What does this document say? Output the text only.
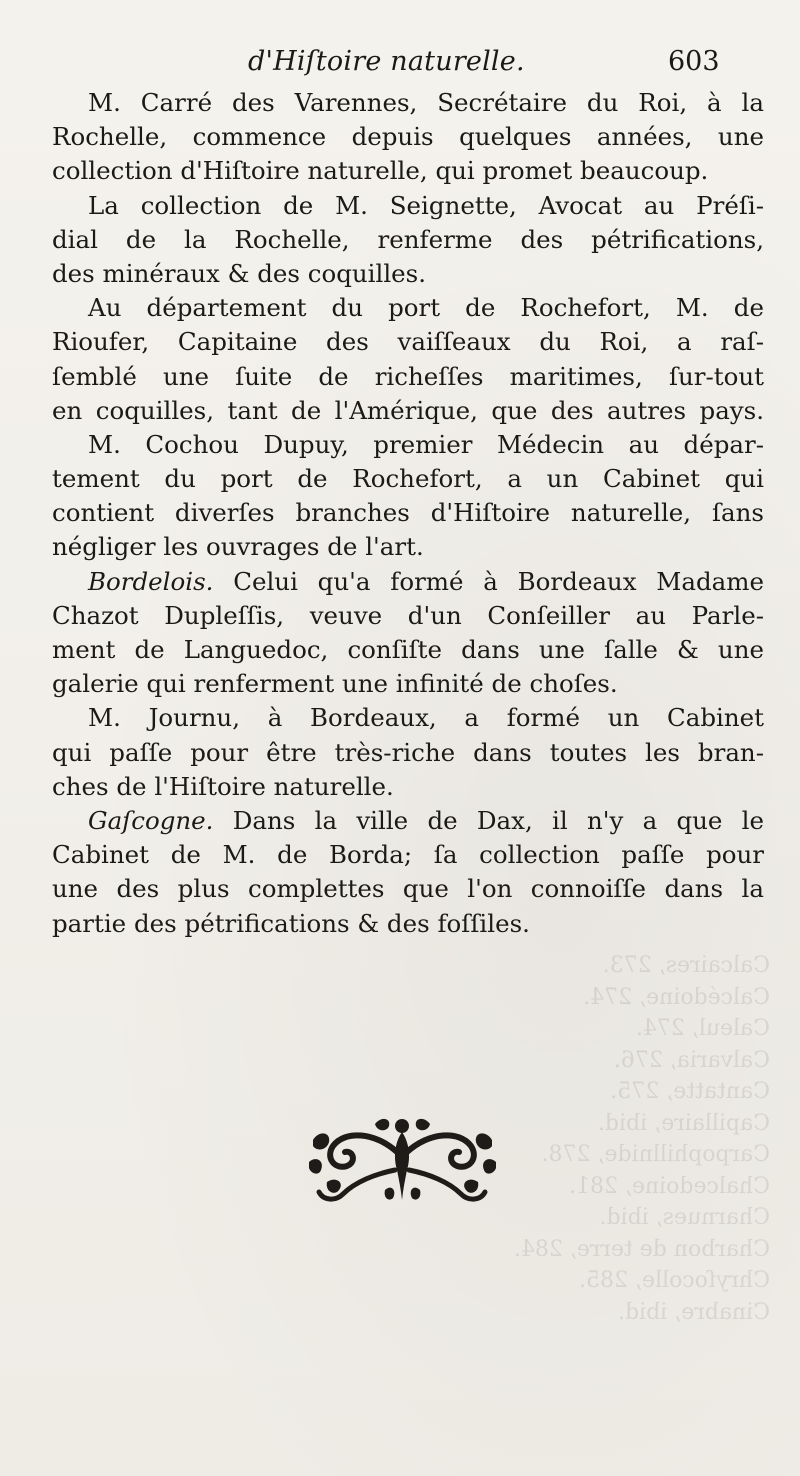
Calcaires, 273.
Calcédoine, 274.
Caleul, 274.
Calvaria, 276.
Cantatte, 275.
Capillaire, ibid.
Carpophillnide, 278.
Chalcedoine, 281.
Charnues, ibid.
Charbon de terre, 284.
Chryſocolle, 285.
Cinabre, ibid.
d'Hiſtoire naturelle.	603
M. Carré des Varennes, Secrétaire du Roi, à la
Rochelle, commence depuis quelques années, une
collection d'Hiſtoire naturelle, qui promet beaucoup.
La collection de M. Seignette, Avocat au Préſi-
dial de la Rochelle, renferme des pétrifications,
des minéraux & des coquilles.
Au département du port de Rochefort, M. de
Rioufer, Capitaine des vaiſſeaux du Roi, a raſ-
ſemblé une ſuite de richeſſes maritimes, ſur-tout
en coquilles, tant de l'Amérique, que des autres pays.
M. Cochou Dupuy, premier Médecin au dépar-
tement du port de Rochefort, a un Cabinet qui
contient diverſes branches d'Hiſtoire naturelle, ſans
négliger les ouvrages de l'art.
Bordelois. Celui qu'a formé à Bordeaux Madame
Chazot Dupleſſis, veuve d'un Conſeiller au Parle-
ment de Languedoc, conſiſte dans une ſalle & une
galerie qui renferment une infinité de choſes.
M. Journu, à Bordeaux, a formé un Cabinet
qui paſſe pour être très-riche dans toutes les bran-
ches de l'Hiſtoire naturelle.
Gaſcogne. Dans la ville de Dax, il n'y a que le
Cabinet de M. de Borda; ſa collection paſſe pour
une des plus complettes que l'on connoiſſe dans la
partie des pétrifications & des foſſiles.
